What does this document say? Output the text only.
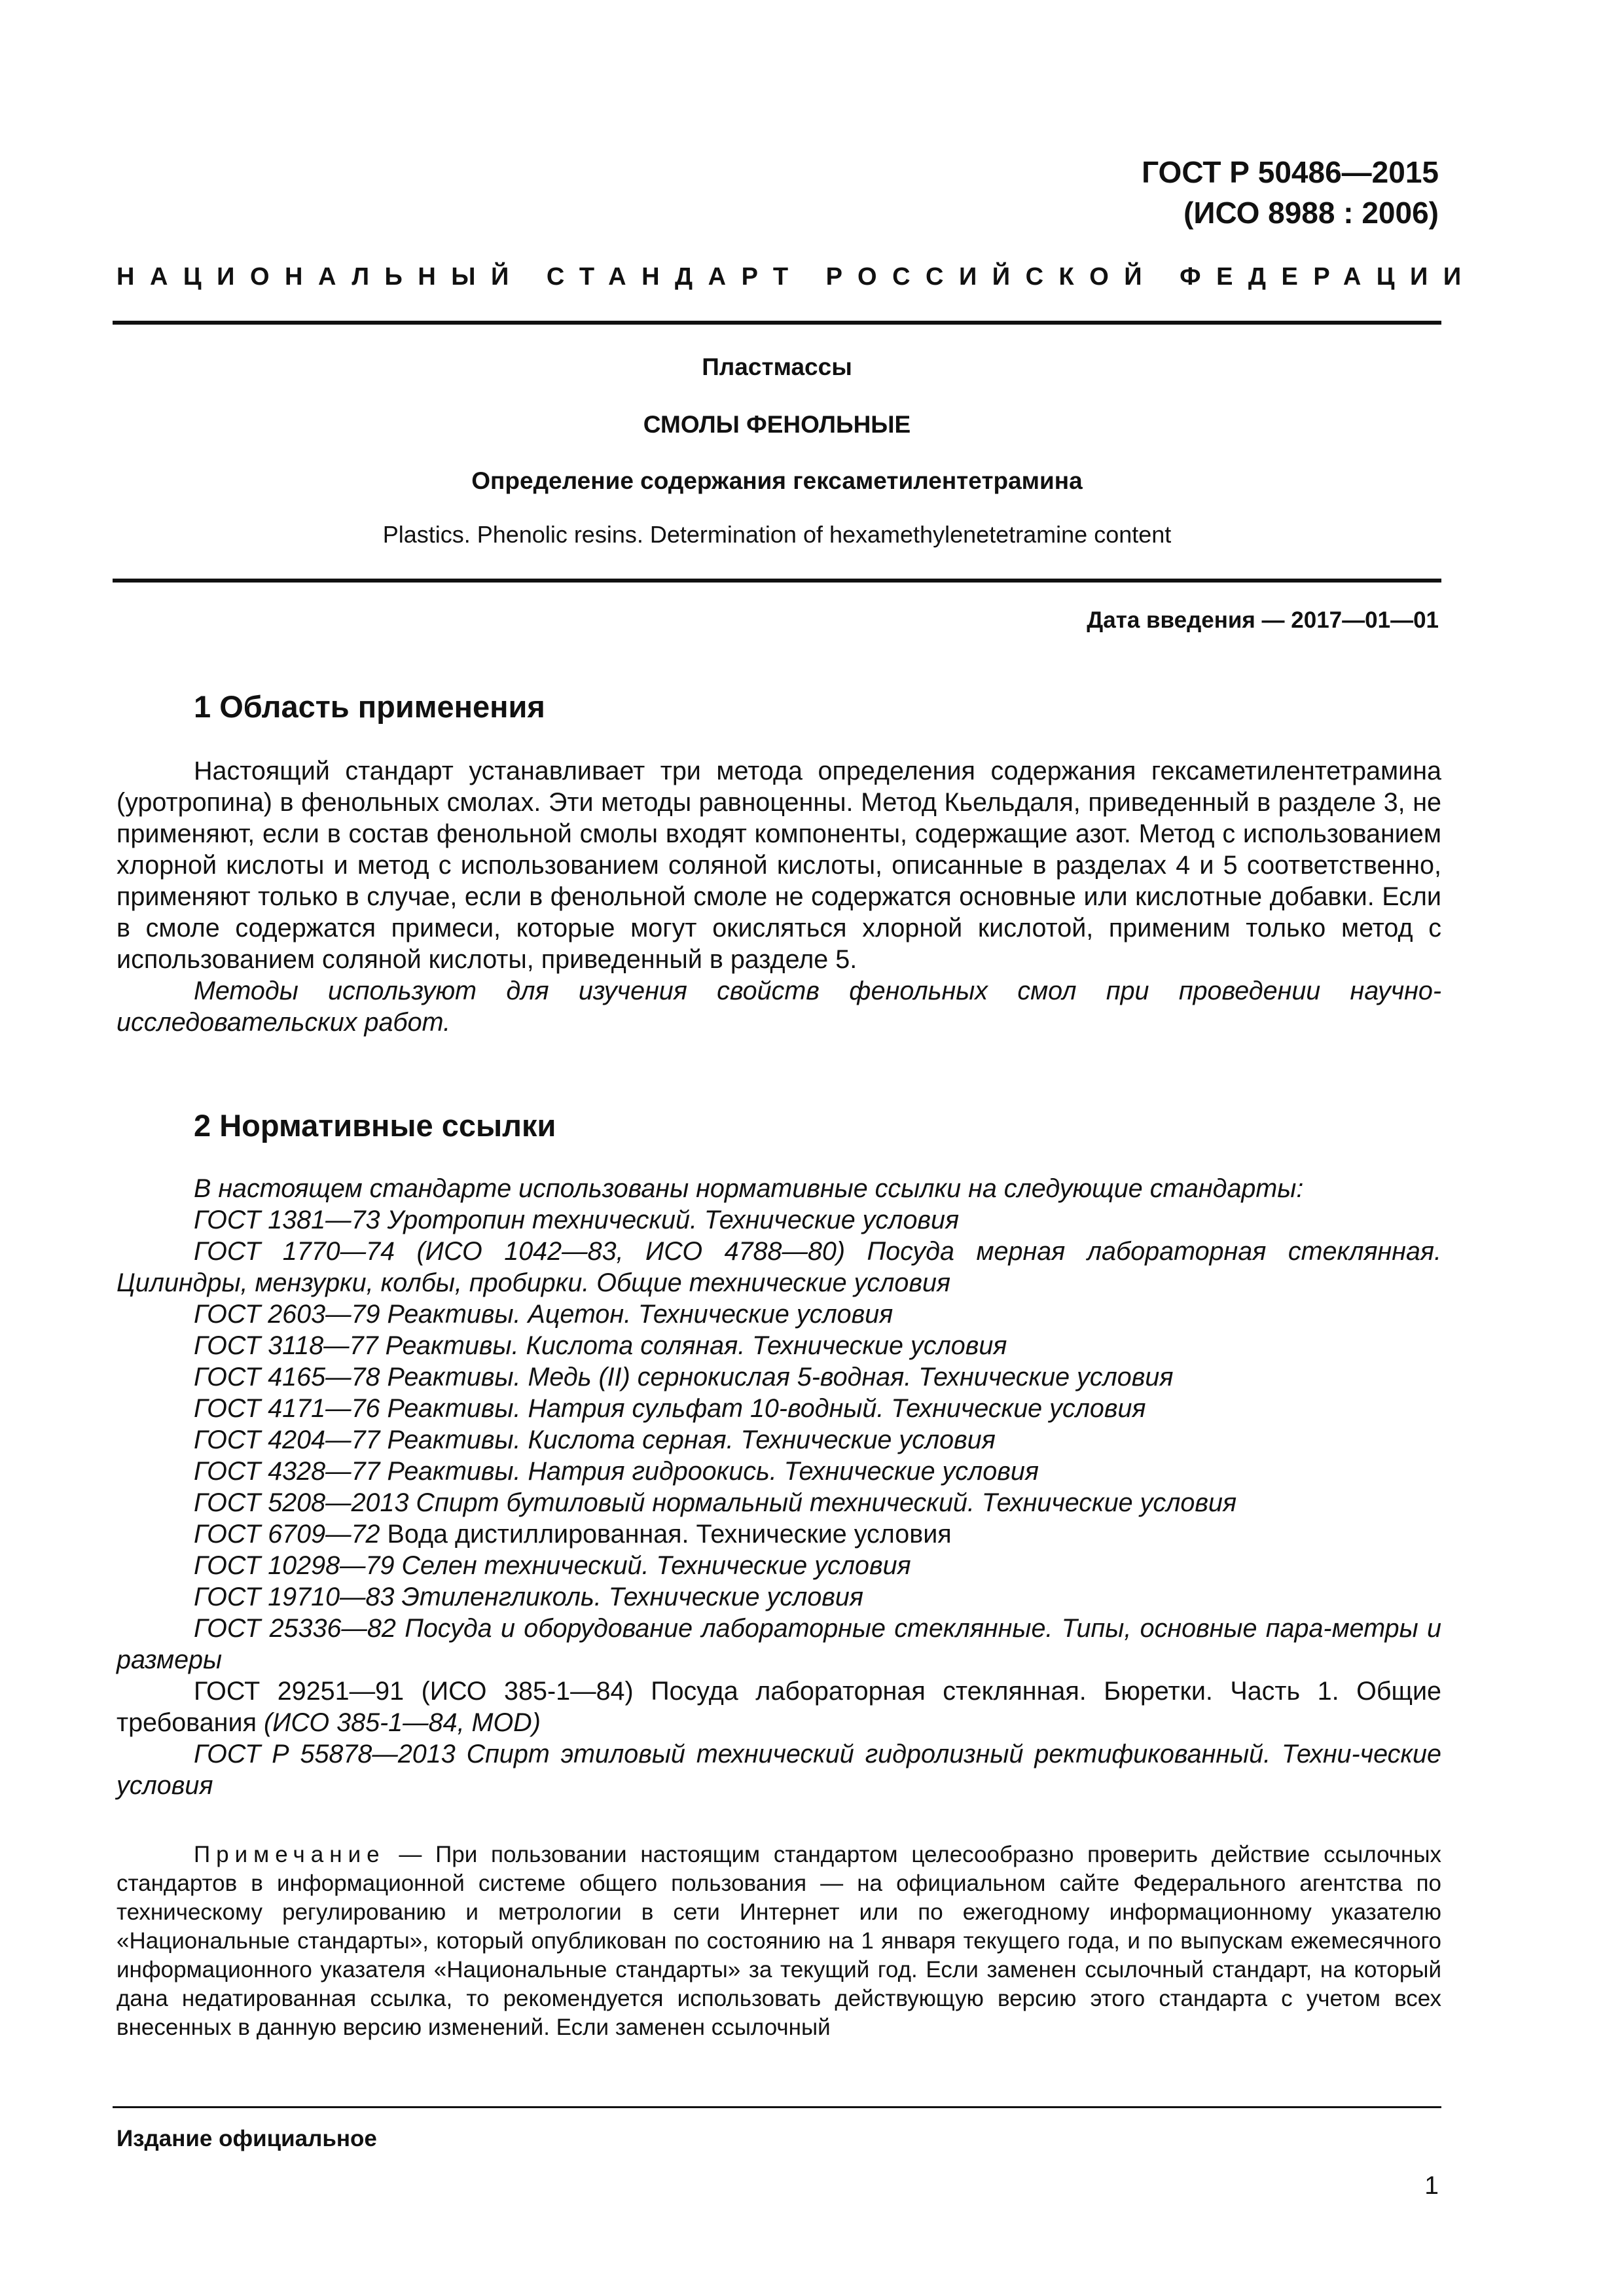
ГОСТ Р 50486—2015
(ИСО 8988 : 2006)
НАЦИОНАЛЬНЫЙ СТАНДАРТ РОССИЙСКОЙ ФЕДЕРАЦИИ
Пластмассы
СМОЛЫ ФЕНОЛЬНЫЕ
Определение содержания гексаметилентетрамина
Plastics. Phenolic resins. Determination of hexamethylenetetramine content
Дата введения — 2017—01—01
1 Область применения

Настоящий стандарт устанавливает три метода определения содержания гексаметилентетрамина (уротропина) в фенольных смолах. Эти методы равноценны. Метод Кьельдаля, приведенный в разделе 3, не применяют, если в состав фенольной смолы входят компоненты, содержащие азот. Метод с использованием хлорной кислоты и метод с использованием соляной кислоты, описанные в разделах 4 и 5 соответственно, применяют только в случае, если в фенольной смоле не содержатся основные или кислотные добавки. Если в смоле содержатся примеси, которые могут окисляться хлорной кислотой, применим только метод с использованием соляной кислоты, приведенный в разделе 5.

Методы используют для изучения свойств фенольных смол при проведении научно-исследовательских работ.

2 Нормативные ссылки

В настоящем стандарте использованы нормативные ссылки на следующие стандарты:

ГОСТ 1381—73 Уротропин технический. Технические условия

ГОСТ 1770—74 (ИСО 1042—83, ИСО 4788—80) Посуда мерная лабораторная стеклянная. Цилиндры, мензурки, колбы, пробирки. Общие технические условия

ГОСТ 2603—79 Реактивы. Ацетон. Технические условия

ГОСТ 3118—77 Реактивы. Кислота соляная. Технические условия

ГОСТ 4165—78 Реактивы. Медь (II) сернокислая 5-водная. Технические условия

ГОСТ 4171—76 Реактивы. Натрия сульфат 10-водный. Технические условия

ГОСТ 4204—77 Реактивы. Кислота серная. Технические условия

ГОСТ 4328—77 Реактивы. Натрия гидроокись. Технические условия

ГОСТ 5208—2013 Спирт бутиловый нормальный технический. Технические условия

ГОСТ 6709—72 Вода дистиллированная. Технические условия

ГОСТ 10298—79 Селен технический. Технические условия

ГОСТ 19710—83 Этиленгликоль. Технические условия

ГОСТ 25336—82 Посуда и оборудование лабораторные стеклянные. Типы, основные пара-метры и размеры

ГОСТ 29251—91 (ИСО 385-1—84) Посуда лабораторная стеклянная. Бюретки. Часть 1. Общие требования (ИСО 385-1—84, MOD)

ГОСТ Р 55878—2013 Спирт этиловый технический гидролизный ректификованный. Техни-ческие условия

Примечание — При пользовании настоящим стандартом целесообразно проверить действие ссылочных стандартов в информационной системе общего пользования — на официальном сайте Федерального агентства по техническому регулированию и метрологии в сети Интернет или по ежегодному информационному указателю «Национальные стандарты», который опубликован по состоянию на 1 января текущего года, и по выпускам ежемесячного информационного указателя «Национальные стандарты» за текущий год. Если заменен ссылочный стандарт, на который дана недатированная ссылка, то рекомендуется использовать действующую версию этого стандарта с учетом всех внесенных в данную версию изменений. Если заменен ссылочный

Издание официальное
1
